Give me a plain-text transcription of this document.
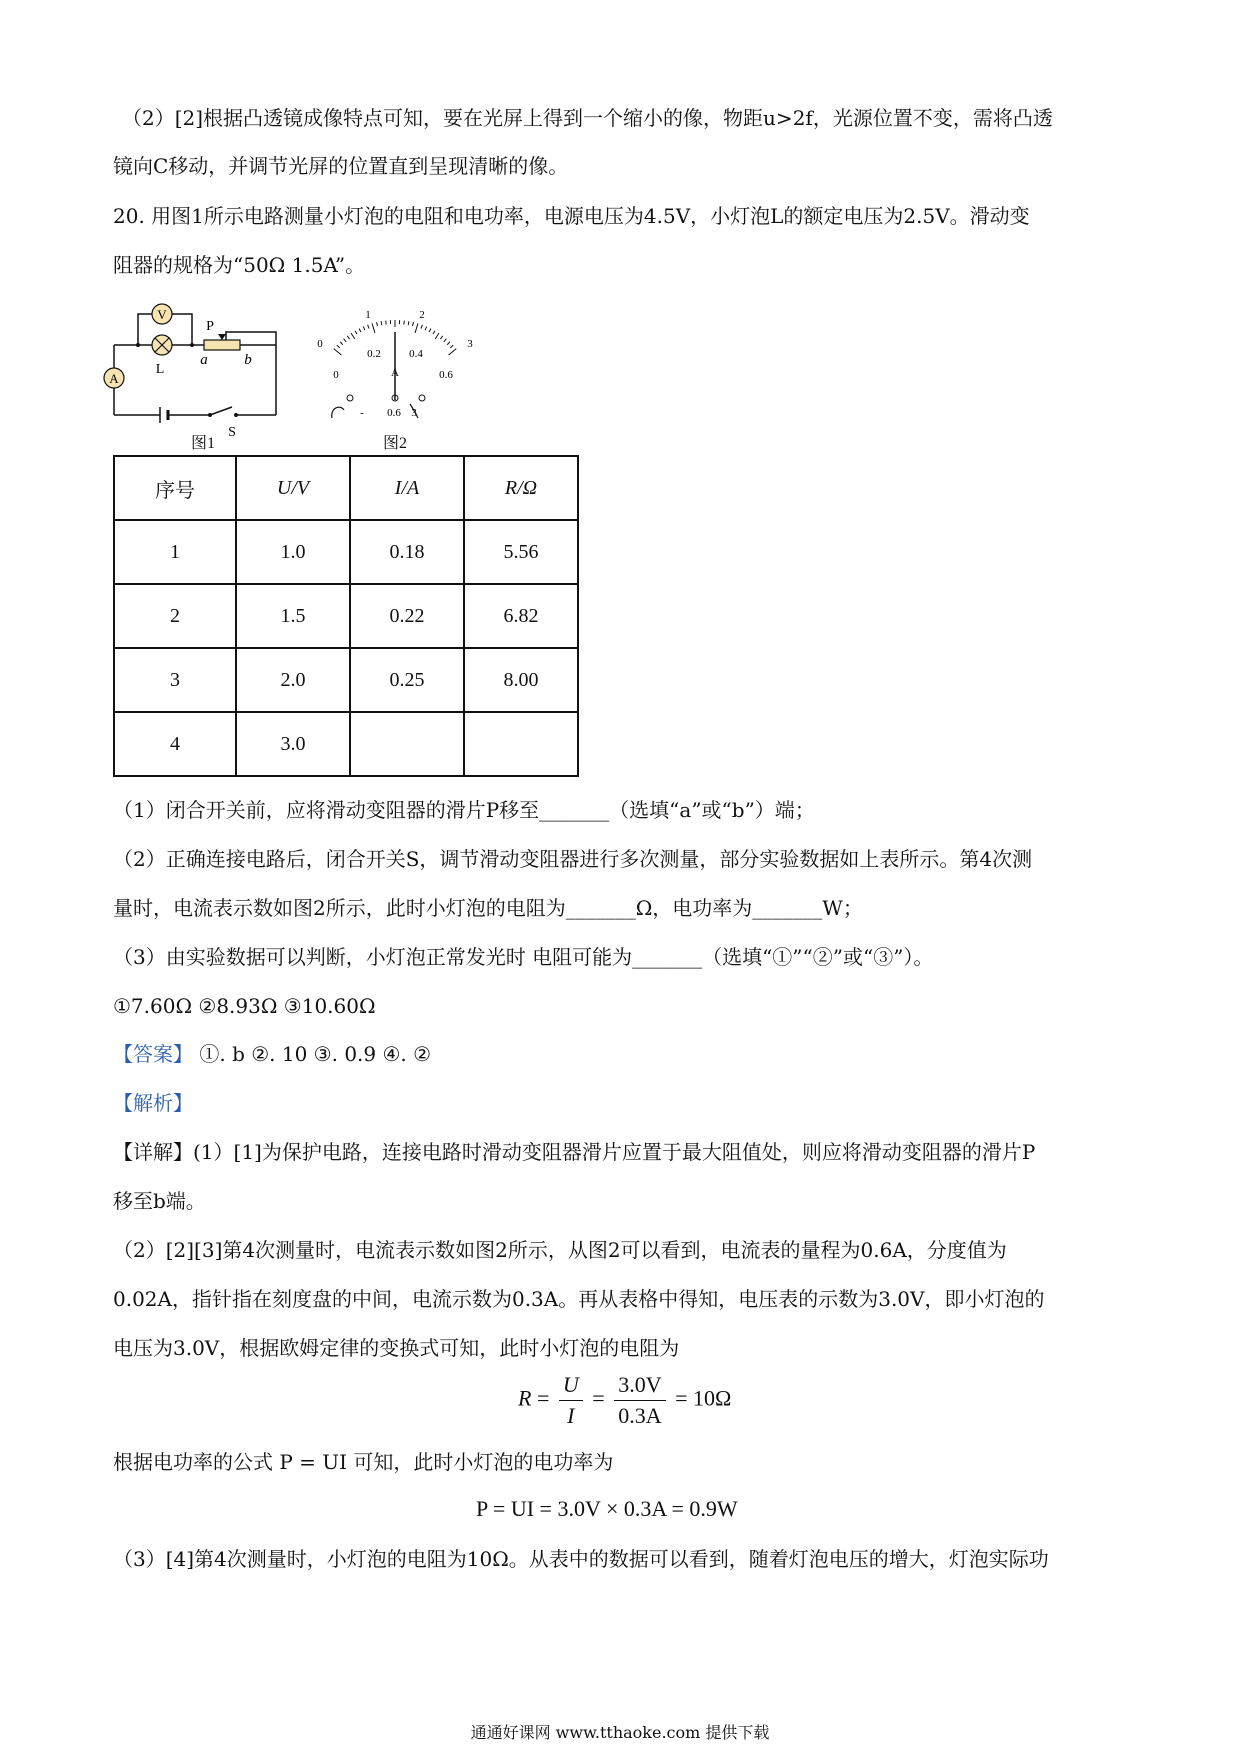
（2）[2]根据凸透镜成像特点可知，要在光屏上得到一个缩小的像，物距u>2f，光源位置不变，需将凸透
镜向C移动，并调节光屏的位置直到呈现清晰的像。
20. 用图1所示电路测量小灯泡的电阻和电功率，电源电压为4.5V，小灯泡L的额定电压为2.5V。滑动变
阻器的规格为“50Ω 1.5A”。
V
A
L
P
a b
S
图1
0
1	2
3
0
0.2	0.4
0.6
A
- 0.6 3
图2
序号	U/V	I/A	R/Ω
1	1.0	0.18	5.56
2	1.5	0.22	6.82
3	2.0	0.25	8.00
4	3.0		
（1）闭合开关前，应将滑动变阻器的滑片P移至_______（选填“a”或“b”）端；
（2）正确连接电路后，闭合开关S，调节滑动变阻器进行多次测量，部分实验数据如上表所示。第4次测
量时，电流表示数如图2所示，此时小灯泡的电阻为_______Ω，电功率为_______W；
（3）由实验数据可以判断，小灯泡正常发光时 电阻可能为_______（选填“①”“②”或“③”）。
①7.60Ω ②8.93Ω ③10.60Ω
【答案】 ①. b ②. 10 ③. 0.9 ④. ②
【解析】
【详解】(1）[1]为保护电路，连接电路时滑动变阻器滑片应置于最大阻值处，则应将滑动变阻器的滑片P
移至b端。
（2）[2][3]第4次测量时，电流表示数如图2所示，从图2可以看到，电流表的量程为0.6A，分度值为
0.02A，指针指在刻度盘的中间，电流示数为0.3A。再从表格中得知，电压表的示数为3.0V，即小灯泡的
电压为3.0V，根据欧姆定律的变换式可知，此时小灯泡的电阻为
$R = \frac{U}{I} = \frac{3.0V}{0.3A} = 10\Omega$
根据电功率的公式 P = UI 可知，此时小灯泡的电功率为
P = UI = 3.0V × 0.3A = 0.9W
（3）[4]第4次测量时，小灯泡的电阻为10Ω。从表中的数据可以看到，随着灯泡电压的增大，灯泡实际功
通通好课网 www.tthaoke.com 提供下载
